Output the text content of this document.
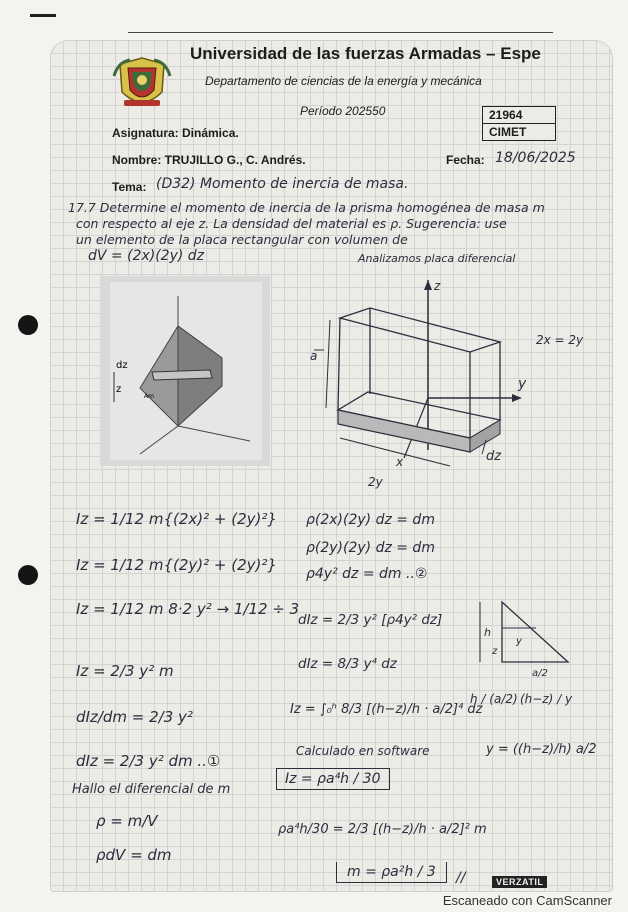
Universidad de las fuerzas Armadas – Espe
Departamento de ciencias de la energía y mecánica
Período 202550	21964
CIMET
Asignatura: Dinámica.
Nombre: TRUJILLO G., C. Andrés.	Fecha: 18/06/2025
Tema: (D32) Momento de inercia de masa.
17.7 Determine el momento de inercia de la prisma homogénea de masa m
con respecto al eje z. La densidad del material es ρ. Sugerencia: use
un elemento de la placa rectangular con volumen de
dV = (2x)(2y) dz	Analizamos placa diferencial
dz
z
Am
z
y
x	dz
2y
a
2x = 2y
Iz = 1/12 m{(2x)² + (2y)²}
Iz = 1/12 m{(2y)² + (2y)²}
Iz = 1/12 m 8·2 y² → 1/12 ÷ 3
Iz = 2/3 y² m
dIz/dm = 2/3 y²
dIz = 2/3 y² dm ..①
Hallo el diferencial de m
ρ = m/V
ρdV = dm
ρ(2x)(2y) dz = dm
ρ(2y)(2y) dz = dm
ρ4y² dz = dm ..②
dIz = 2/3 y² [ρ4y² dz]
dIz = 8/3 y⁴ dz
Iz = ∫₀ʰ 8/3 [(h−z)/h · a/2]⁴ dz
Calculado en software
Iz = ρa⁴h / 30
ρa⁴h/30 = 2/3 [(h−z)/h · a/2]² m
m = ρa²h / 3	//
h
z
y
a/2
h / (a/2) (h−z) / y
y = ((h−z)/h) a/2
VERZATIL
Escaneado con CamScanner
